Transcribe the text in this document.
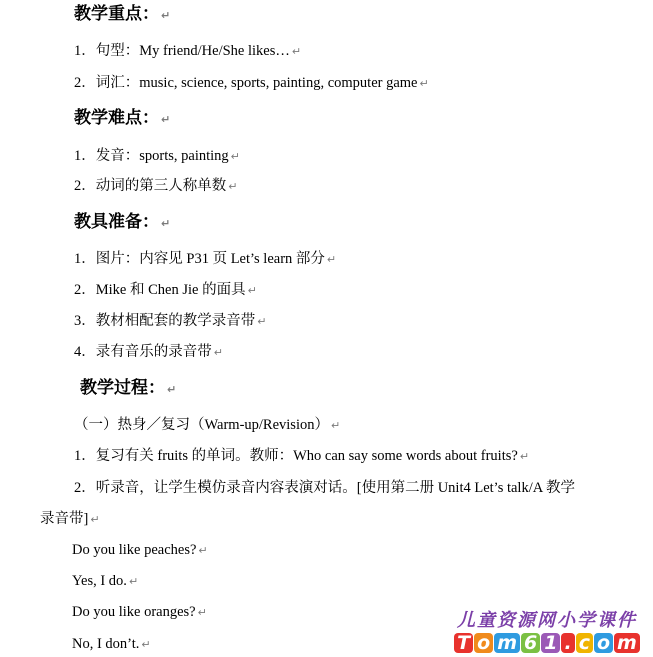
教学重点： ↵
1．句型：My friend/He/She likes… ↵
2．词汇：music, science, sports, painting, computer game ↵
教学难点： ↵
1．发音：sports, painting ↵
2．动词的第三人称单数 ↵
教具准备： ↵
1．图片：内容见 P31 页 Let’s learn 部分 ↵
2．Mike 和 Chen Jie 的面具 ↵
3．教材相配套的教学录音带 ↵
4．录有音乐的录音带 ↵
教学过程： ↵
（一）热身／复习（Warm-up/Revision） ↵
1．复习有关 fruits 的单词。教师：Who can say some words about fruits? ↵
2．听录音，让学生模仿录音内容表演对话。[使用第二册 Unit4 Let’s talk/A 教学
录音带] ↵
Do you like peaches? ↵
Yes, I do. ↵
Do you like oranges? ↵
No, I don’t. ↵
儿童资源网小学课件
T o m 6 1 . c o m
